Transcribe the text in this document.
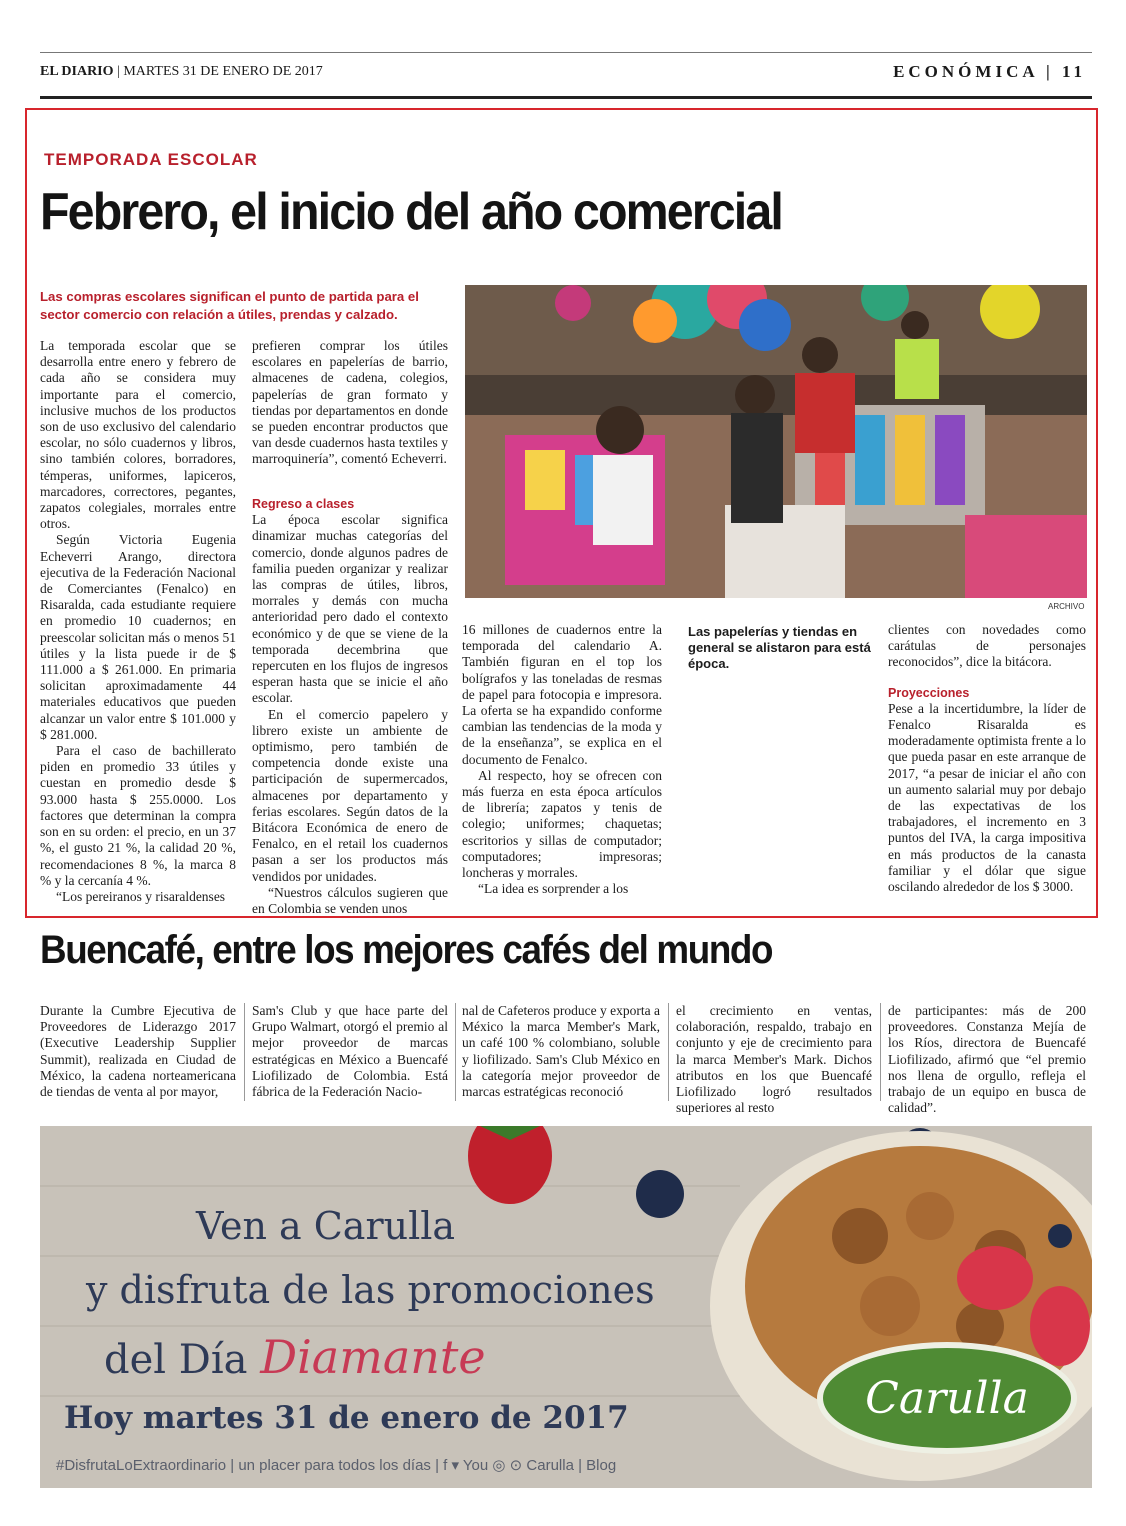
EL DIARIO | MARTES 31 DE ENERO DE 2017	ECONÓMICA | 11
TEMPORADA ESCOLAR
Febrero, el inicio del año comercial
Las compras escolares significan el punto de partida para el sector comercio con relación a útiles, prendas y calzado.

La temporada escolar que se desarrolla entre enero y febrero de cada año se considera muy importante para el comercio, inclusive muchos de los productos son de uso exclusivo del calendario escolar, no sólo cuadernos y libros, sino también colores, borradores, témperas, uniformes, lapiceros, marcadores, correctores, pegantes, zapatos colegiales, morrales entre otros.

Según Victoria Eugenia Echeverri Arango, directora ejecutiva de la Federación Nacional de Comerciantes (Fenalco) en Risaralda, cada estudiante requiere en promedio 10 cuadernos; en preescolar solicitan más o menos 51 útiles y la lista puede ir de $ 111.000 a $ 261.000. En primaria solicitan aproximadamente 44 materiales educativos que pueden alcanzar un valor entre $ 101.000 y $ 281.000.

Para el caso de bachillerato piden en promedio 33 útiles y cuestan en promedio desde $ 93.000 hasta $ 255.0000. Los factores que determinan la compra son en su orden: el precio, en un 37 %, el gusto 21 %, la calidad 20 %, recomendaciones 8 %, la marca 8 % y la cercanía 4 %.

“Los pereiranos y risaraldenses

prefieren comprar los útiles escolares en papelerías de barrio, almacenes de cadena, colegios, papelerías de gran formato y tiendas por departamentos en donde se pueden encontrar productos que van desde cuadernos hasta textiles y marroquinería”, comentó Echeverri.

Regreso a clases

La época escolar significa dinamizar muchas categorías del comercio, donde algunos padres de familia pueden organizar y realizar las compras de útiles, libros, morrales y demás con mucha anterioridad pero dado el contexto económico y de que se viene de la temporada decembrina que repercuten en los flujos de ingresos esperan hasta que se inicie el año escolar.

En el comercio papelero y librero existe un ambiente de optimismo, pero también de competencia donde existe una participación de supermercados, almacenes por departamento y ferias escolares. Según datos de la Bitácora Económica de enero de Fenalco, en el retail los cuadernos pasan a ser los productos más vendidos por unidades.

“Nuestros cálculos sugieren que en Colombia se venden unos

ARCHIVO

16 millones de cuadernos entre la temporada del calendario A. También figuran en el top los bolígrafos y las toneladas de resmas de papel para fotocopia e impresora. La oferta se ha expandido conforme cambian las tendencias de la moda y de la enseñanza”, se explica en el documento de Fenalco.

Al respecto, hoy se ofrecen con más fuerza en esta época artículos de librería; zapatos y tenis de colegio; uniformes; chaquetas; escritorios y sillas de computador; computadores; impresoras; loncheras y morrales.

“La idea es sorprender a los

Las papelerías y tiendas en general se alistaron para está época.

clientes con novedades como carátulas de personajes reconocidos”, dice la bitácora.

Proyecciones

Pese a la incertidumbre, la líder de Fenalco Risaralda es moderadamente optimista frente a lo que pueda pasar en este arranque de 2017, “a pesar de iniciar el año con un aumento salarial muy por debajo de las expectativas de los trabajadores, el incremento en 3 puntos del IVA, la carga impositiva en más productos de la canasta familiar y el dólar que sigue oscilando alrededor de los $ 3000.

Buencafé, entre los mejores cafés del mundo
Durante la Cumbre Ejecutiva de Proveedores de Liderazgo 2017 (Executive Leadership Supplier Summit), realizada en Ciudad de México, la cadena norteamericana de tiendas de venta al por mayor,
Sam's Club y que hace parte del Grupo Walmart, otorgó el premio al mejor proveedor de marcas estratégicas en México a Buencafé Liofilizado de Colombia. Está fábrica de la Federación Nacio-
nal de Cafeteros produce y exporta a México la marca Member's Mark, un café 100 % colombiano, soluble y liofilizado. Sam's Club México en la categoría mejor proveedor de marcas estratégicas reconoció
el crecimiento en ventas, colaboración, respaldo, trabajo en conjunto y eje de crecimiento para la marca Member's Mark. Dichos atributos en los que Buencafé Liofilizado logró resultados superiores al resto
de participantes: más de 200 proveedores. Constanza Mejía de los Ríos, directora de Buencafé Liofilizado, afirmó que “el premio nos llena de orgullo, refleja el trabajo de un equipo en busca de calidad”.
Ven a Carulla
y disfruta de las promociones
del Día Diamante
Hoy martes 31 de enero de 2017
#DisfrutaLoExtraordinario | un placer para todos los días | f ▾ You ◎ ⊙ Carulla | Blog
Carulla
